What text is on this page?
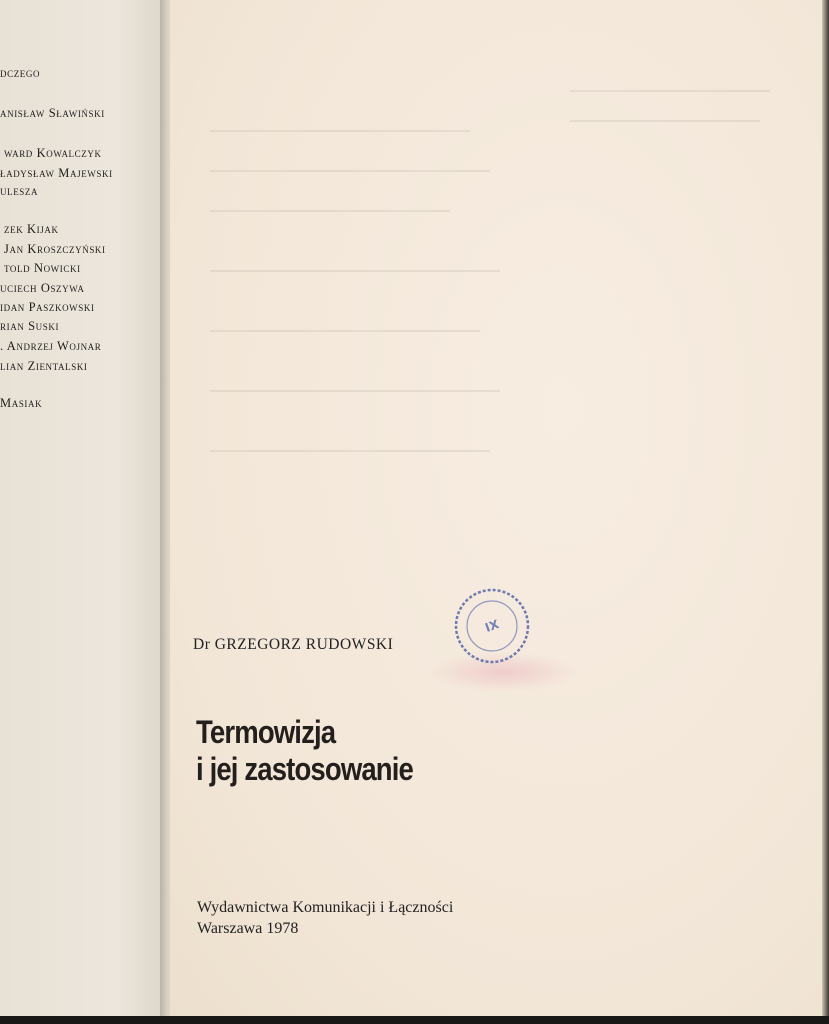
dczego
anisław Sławiński
ward Kowalczyk
ładysław Majewski
ulesza
zek Kijak
Jan Kroszczyński
told Nowicki
uciech Oszywa
idan Paszkowski
rian Suski
. Andrzej Wojnar
lian Zientalski
Masiak
Dr GRZEGORZ RUDOWSKI
IX
Termowizja
i jej zastosowanie
Wydawnictwa Komunikacji i Łączności
Warszawa 1978
